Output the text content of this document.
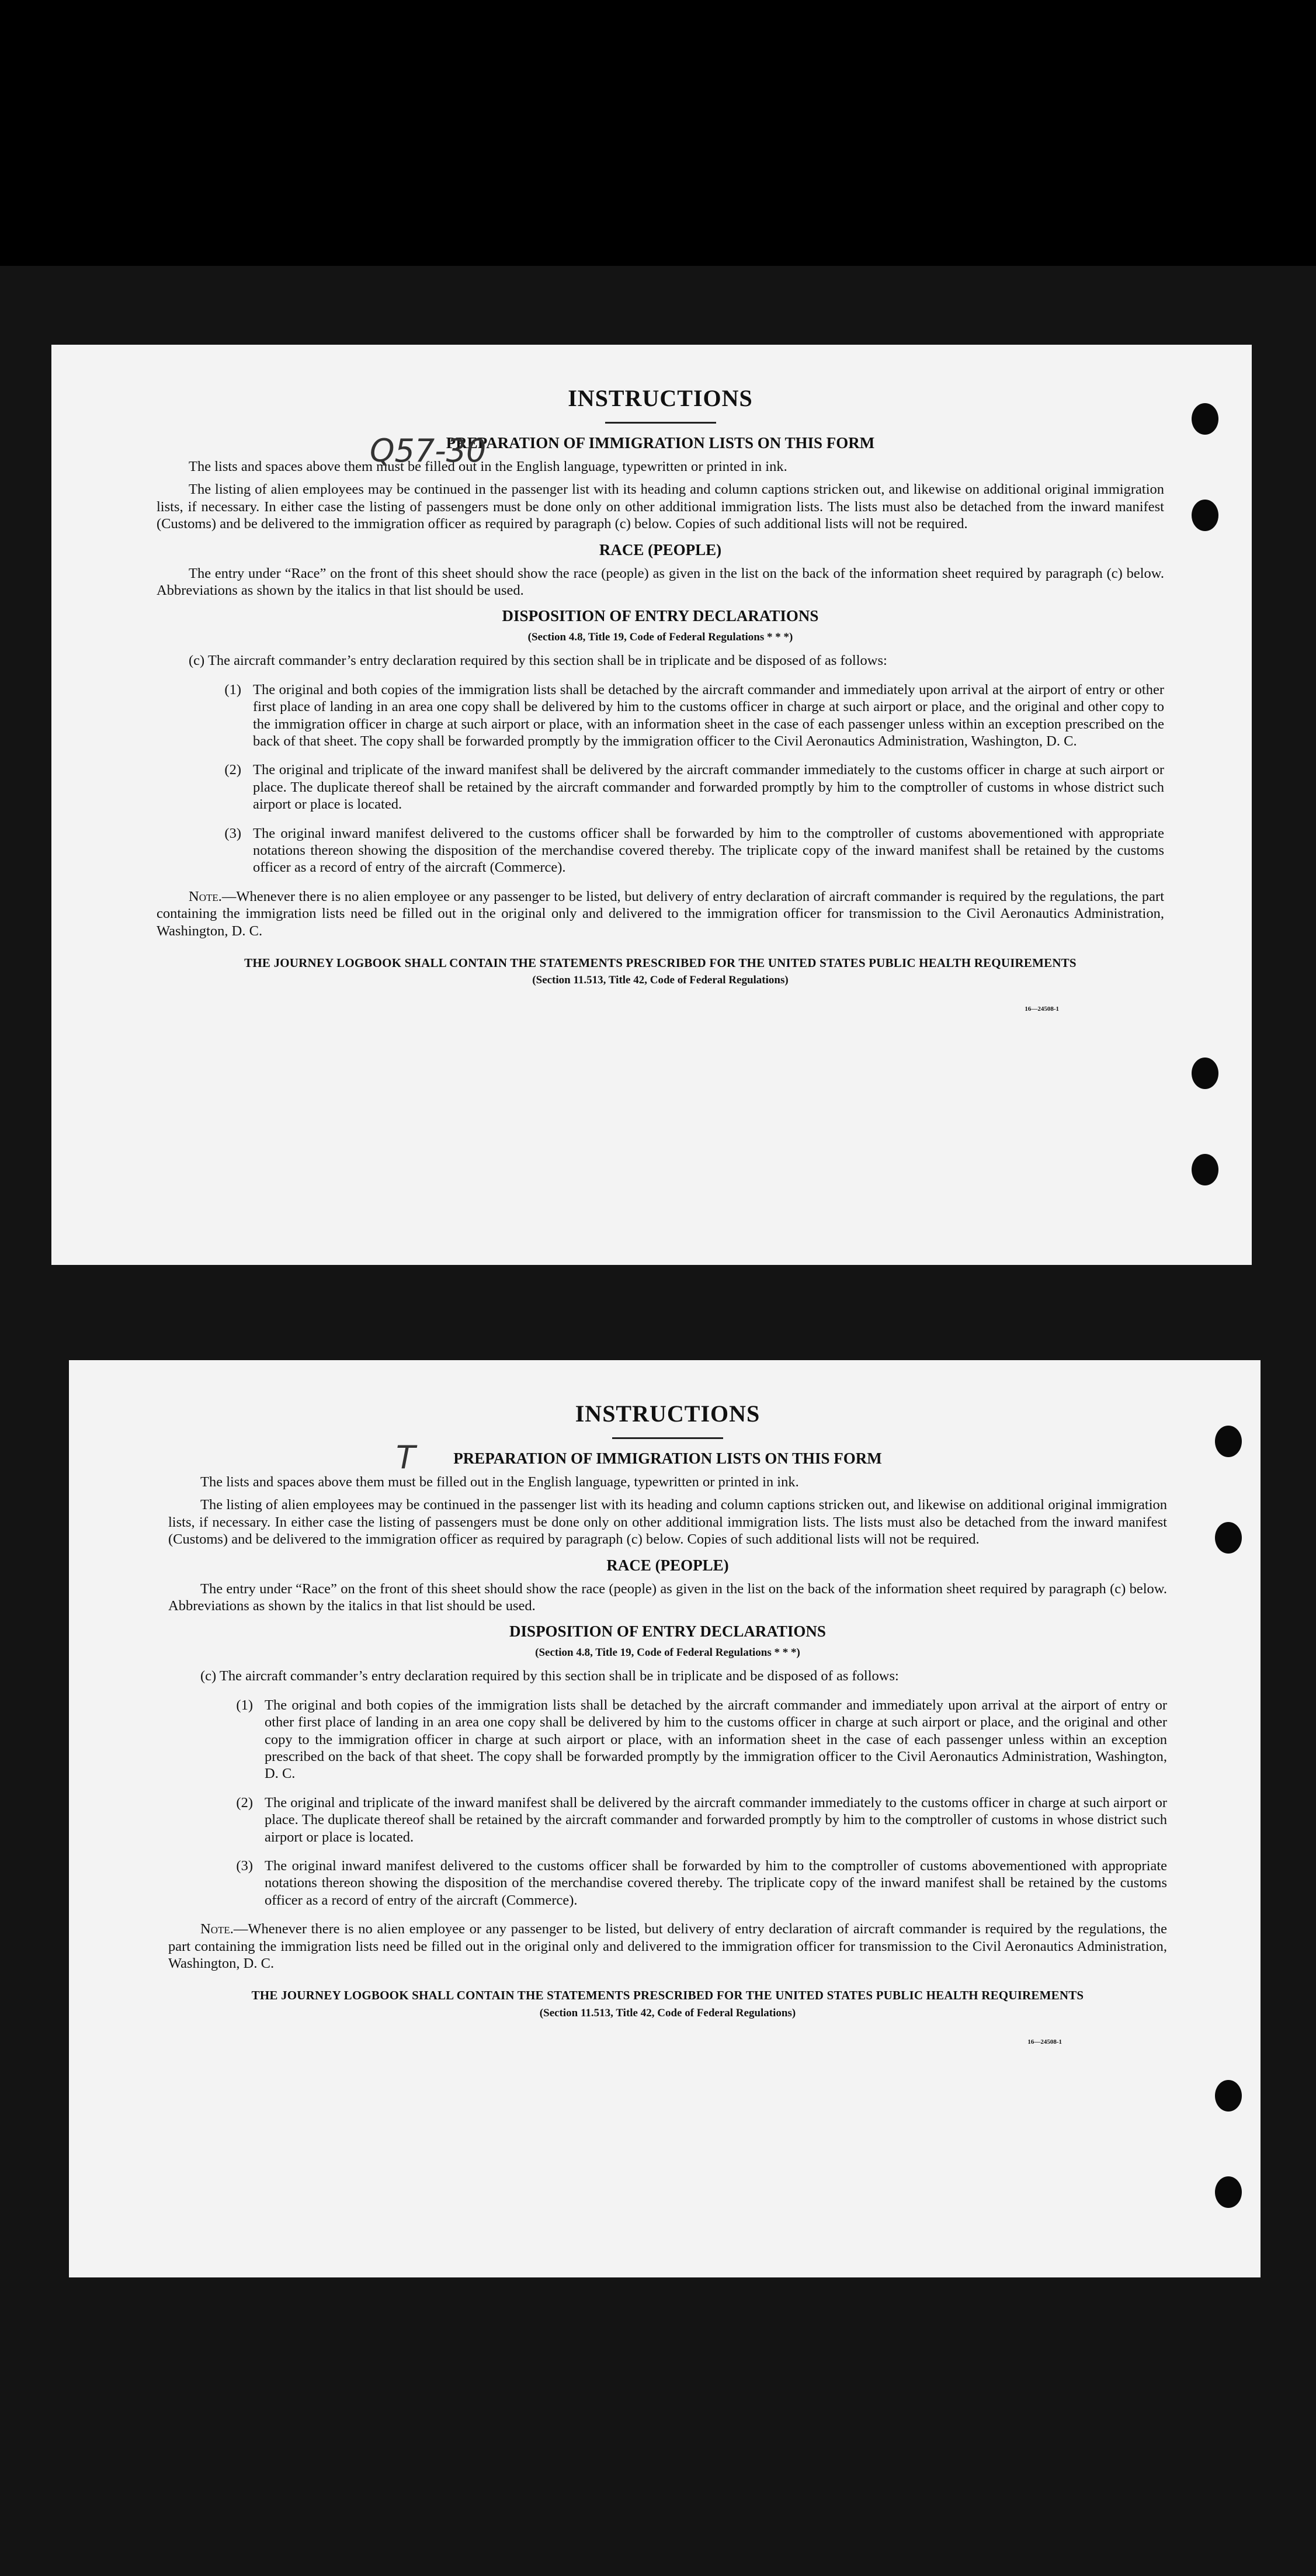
Q57-30
INSTRUCTIONS
PREPARATION OF IMMIGRATION LISTS ON THIS FORM

The lists and spaces above them must be filled out in the English language, typewritten or printed in ink.

The listing of alien employees may be continued in the passenger list with its heading and column captions stricken out, and likewise on additional original immigration lists, if necessary. In either case the listing of passengers must be done only on other additional immigration lists. The lists must also be detached from the inward manifest (Customs) and be delivered to the immigration officer as required by paragraph (c) below. Copies of such additional lists will not be required.

RACE (PEOPLE)

The entry under “Race” on the front of this sheet should show the race (people) as given in the list on the back of the information sheet required by paragraph (c) below. Abbreviations as shown by the italics in that list should be used.

DISPOSITION OF ENTRY DECLARATIONS
(Section 4.8, Title 19, Code of Federal Regulations * * *)

(c) The aircraft commander’s entry declaration required by this section shall be in triplicate and be disposed of as follows:

(1) The original and both copies of the immigration lists shall be detached by the aircraft commander and immediately upon arrival at the airport of entry or other first place of landing in an area one copy shall be delivered by him to the customs officer in charge at such airport or place, and the original and other copy to the immigration officer in charge at such airport or place, with an information sheet in the case of each passenger unless within an exception prescribed on the back of that sheet. The copy shall be forwarded promptly by the immigration officer to the Civil Aeronautics Administration, Washington, D. C.

(2) The original and triplicate of the inward manifest shall be delivered by the aircraft commander immediately to the customs officer in charge at such airport or place. The duplicate thereof shall be retained by the aircraft commander and forwarded promptly by him to the comptroller of customs in whose district such airport or place is located.

(3) The original inward manifest delivered to the customs officer shall be forwarded by him to the comptroller of customs abovementioned with appropriate notations thereon showing the disposition of the merchandise covered thereby. The triplicate copy of the inward manifest shall be retained by the customs officer as a record of entry of the aircraft (Commerce).

Note.—Whenever there is no alien employee or any passenger to be listed, but delivery of entry declaration of aircraft commander is required by the regulations, the part containing the immigration lists need be filled out in the original only and delivered to the immigration officer for transmission to the Civil Aeronautics Administration, Washington, D. C.

THE JOURNEY LOGBOOK SHALL CONTAIN THE STATEMENTS PRESCRIBED FOR THE UNITED STATES PUBLIC HEALTH REQUIREMENTS
(Section 11.513, Title 42, Code of Federal Regulations)
16—24508-1
T
INSTRUCTIONS
PREPARATION OF IMMIGRATION LISTS ON THIS FORM

The lists and spaces above them must be filled out in the English language, typewritten or printed in ink.

The listing of alien employees may be continued in the passenger list with its heading and column captions stricken out, and likewise on additional original immigration lists, if necessary. In either case the listing of passengers must be done only on other additional immigration lists. The lists must also be detached from the inward manifest (Customs) and be delivered to the immigration officer as required by paragraph (c) below. Copies of such additional lists will not be required.

RACE (PEOPLE)

The entry under “Race” on the front of this sheet should show the race (people) as given in the list on the back of the information sheet required by paragraph (c) below. Abbreviations as shown by the italics in that list should be used.

DISPOSITION OF ENTRY DECLARATIONS
(Section 4.8, Title 19, Code of Federal Regulations * * *)

(c) The aircraft commander’s entry declaration required by this section shall be in triplicate and be disposed of as follows:

(1) The original and both copies of the immigration lists shall be detached by the aircraft commander and immediately upon arrival at the airport of entry or other first place of landing in an area one copy shall be delivered by him to the customs officer in charge at such airport or place, and the original and other copy to the immigration officer in charge at such airport or place, with an information sheet in the case of each passenger unless within an exception prescribed on the back of that sheet. The copy shall be forwarded promptly by the immigration officer to the Civil Aeronautics Administration, Washington, D. C.

(2) The original and triplicate of the inward manifest shall be delivered by the aircraft commander immediately to the customs officer in charge at such airport or place. The duplicate thereof shall be retained by the aircraft commander and forwarded promptly by him to the comptroller of customs in whose district such airport or place is located.

(3) The original inward manifest delivered to the customs officer shall be forwarded by him to the comptroller of customs abovementioned with appropriate notations thereon showing the disposition of the merchandise covered thereby. The triplicate copy of the inward manifest shall be retained by the customs officer as a record of entry of the aircraft (Commerce).

Note.—Whenever there is no alien employee or any passenger to be listed, but delivery of entry declaration of aircraft commander is required by the regulations, the part containing the immigration lists need be filled out in the original only and delivered to the immigration officer for transmission to the Civil Aeronautics Administration, Washington, D. C.

THE JOURNEY LOGBOOK SHALL CONTAIN THE STATEMENTS PRESCRIBED FOR THE UNITED STATES PUBLIC HEALTH REQUIREMENTS
(Section 11.513, Title 42, Code of Federal Regulations)
16—24508-1
